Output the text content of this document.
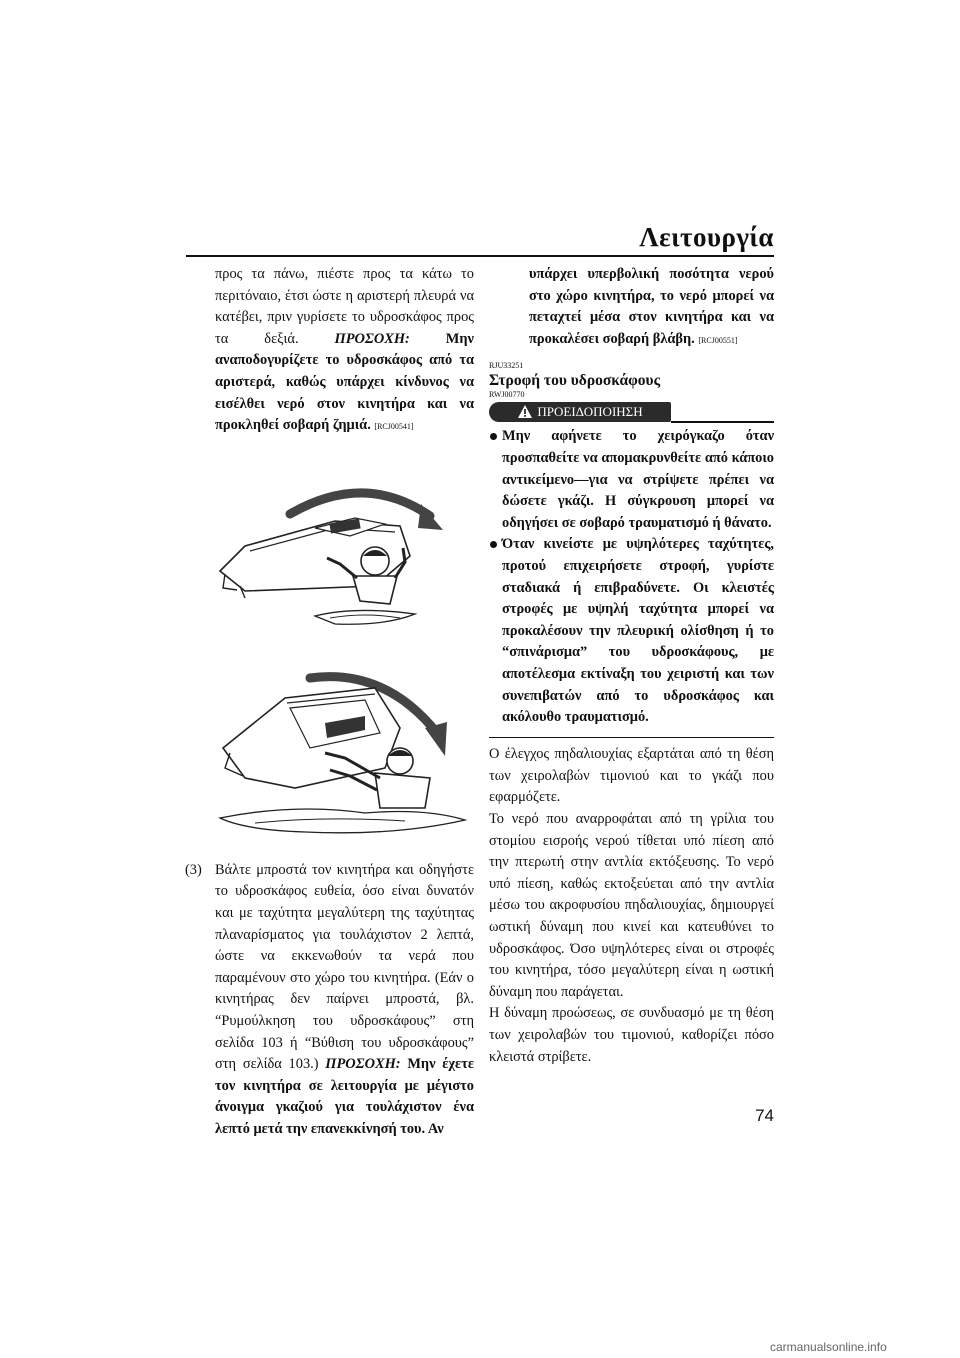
Λειτουργία

προς τα πάνω, πιέστε προς τα κάτω το περιτόναιο, έτσι ώστε η αριστερή πλευρά να κατέβει, πριν γυρίσετε το υδροσκάφος προς τα δεξιά. ΠΡΟΣΟΧΗ: Μην αναποδογυρίζετε το υδροσκάφος από τα αριστερά, καθώς υπάρχει κίνδυνος να εισέλθει νερό στον κινητήρα και να προκληθεί σοβαρή ζημιά. [RCJ00541]

(3) Βάλτε μπροστά τον κινητήρα και οδηγήστε το υδροσκάφος ευθεία, όσο είναι δυνατόν και με ταχύτητα μεγαλύτερη της ταχύτητας πλαναρίσματος για τουλάχιστον 2 λεπτά, ώστε να εκκενωθούν τα νερά που παραμένουν στο χώρο του κινητήρα. (Εάν ο κινητήρας δεν παίρνει μπροστά, βλ. “Ρυμούλκηση του υδροσκάφους” στη σελίδα 103 ή “Βύθιση του υδροσκάφους” στη σελίδα 103.) ΠΡΟΣΟΧΗ: Μην έχετε τον κινητήρα σε λειτουργία με μέγιστο άνοιγμα γκαζιού για τουλάχιστον ένα λεπτό μετά την επανεκκίνησή του. Αν

υπάρχει υπερβολική ποσότητα νερού στο χώρο κινητήρα, το νερό μπορεί να πεταχτεί μέσα στον κινητήρα και να προκαλέσει σοβαρή βλάβη. [RCJ00551]

RJU33251
Στροφή του υδροσκάφους
RWJ00770
ΠΡΟΕΙΔΟΠΟΙΗΣΗ
Μην αφήνετε το χειρόγκαζο όταν προσπαθείτε να απομακρυνθείτε από κάποιο αντικείμενο—για να στρίψετε πρέπει να δώσετε γκάζι. Η σύγκρουση μπορεί να οδηγήσει σε σοβαρό τραυματισμό ή θάνατο.
Όταν κινείστε με υψηλότερες ταχύτητες, προτού επιχειρήσετε στροφή, γυρίστε σταδιακά ή επιβραδύνετε. Οι κλειστές στροφές με υψηλή ταχύτητα μπορεί να προκαλέσουν την πλευρική ολίσθηση ή το “σπινάρισμα” του υδροσκάφους, με αποτέλεσμα εκτίναξη του χειριστή και των συνεπιβατών από το υδροσκάφος και ακόλουθο τραυματισμό.

Ο έλεγχος πηδαλιουχίας εξαρτάται από τη θέση των χειρολαβών τιμονιού και το γκάζι που εφαρμόζετε.

Το νερό που αναρροφάται από τη γρίλια του στομίου εισροής νερού τίθεται υπό πίεση από την πτερωτή στην αντλία εκτόξευσης. Το νερό υπό πίεση, καθώς εκτοξεύεται από την αντλία μέσω του ακροφυσίου πηδαλιουχίας, δημιουργεί ωστική δύναμη που κινεί και κατευθύνει το υδροσκάφος. Όσο υψηλότερες είναι οι στροφές του κινητήρα, τόσο μεγαλύτερη είναι η ωστική δύναμη που παράγεται.

Η δύναμη προώσεως, σε συνδυασμό με τη θέση των χειρολαβών του τιμονιού, καθορίζει πόσο κλειστά στρίβετε.

74
carmanualsonline.info
